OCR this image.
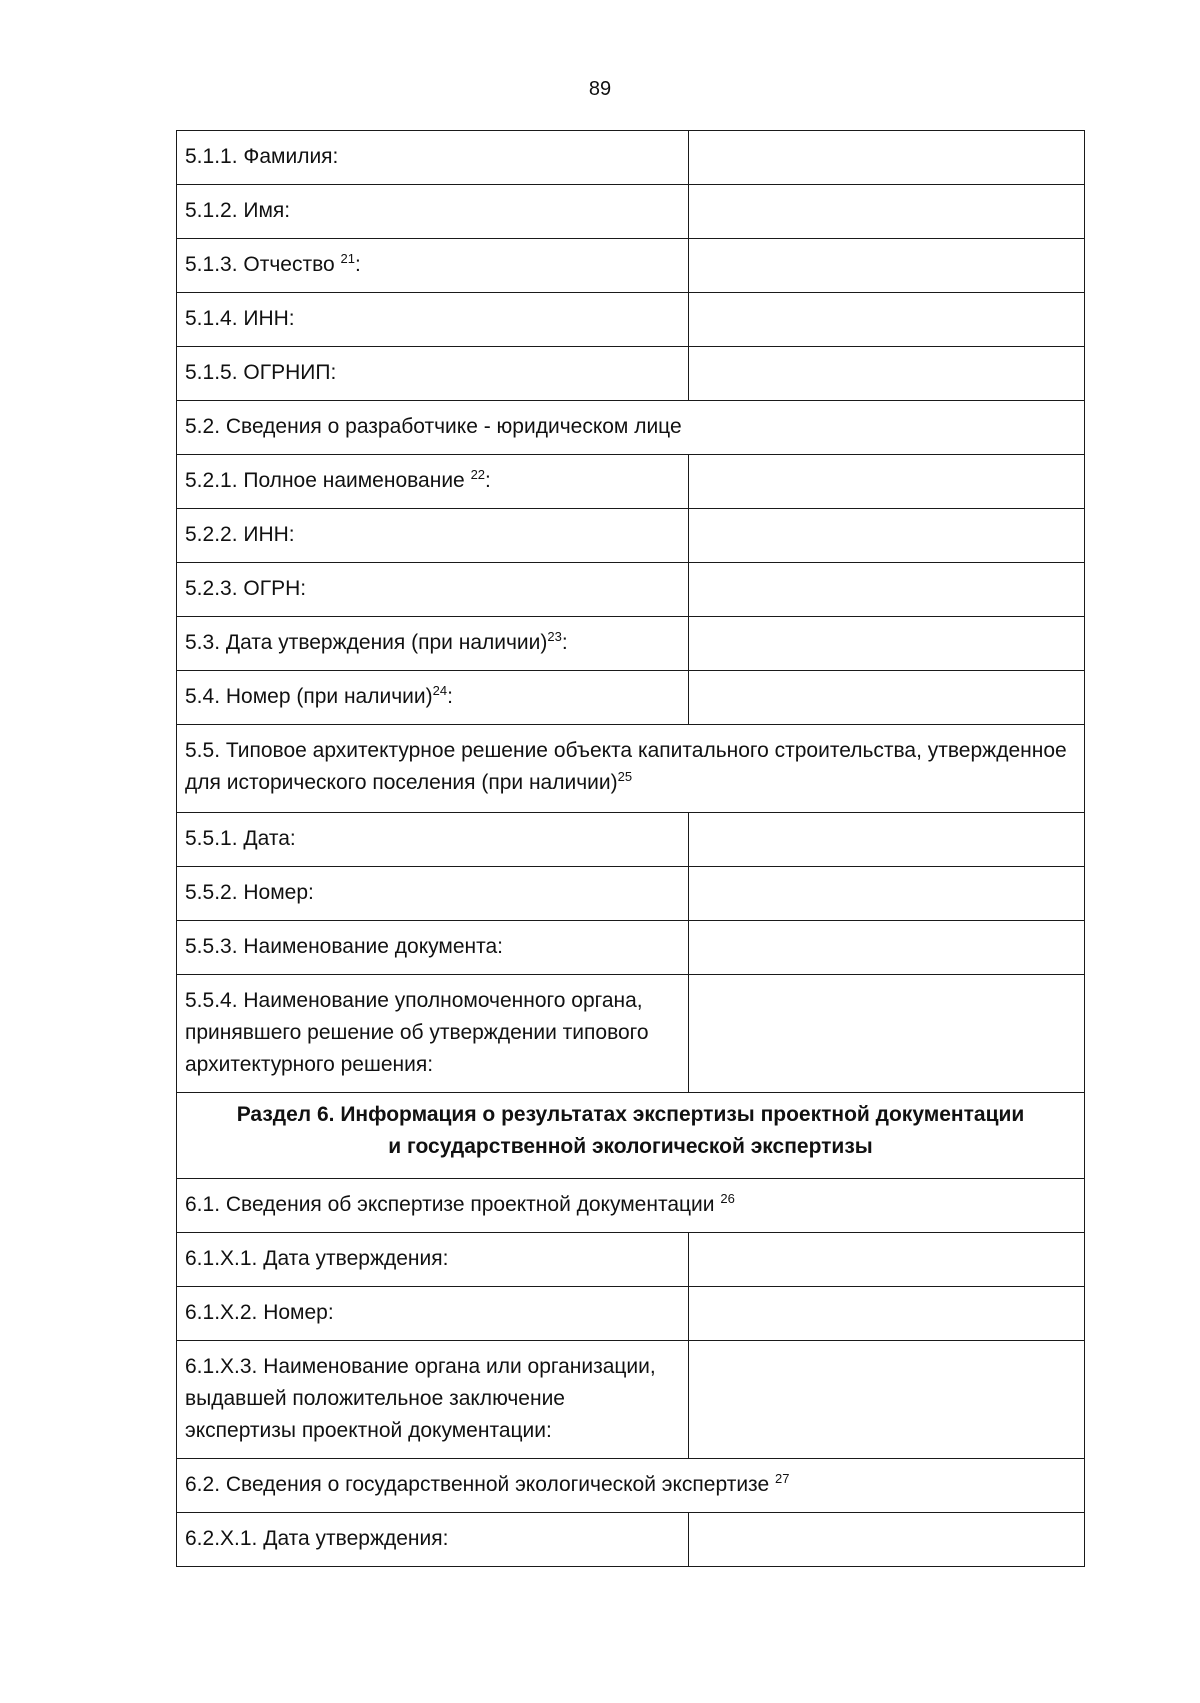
89
5.1.1. Фамилия:	
5.1.2. Имя:	
5.1.3. Отчество $^{21}$:	
5.1.4. ИНН:	
5.1.5. ОГРНИП:	
5.2. Сведения о разработчике - юридическом лице	
5.2.1. Полное наименование $^{22}$:	
5.2.2. ИНН:	
5.2.3. ОГРН:	
5.3. Дата утверждения (при наличии)$^{23}$:	
5.4. Номер (при наличии)$^{24}$:	
5.5. Типовое архитектурное решение объекта капитального строительства, утвержденное для исторического поселения (при наличии)$^{25}$
5.5.1. Дата:	
5.5.2. Номер:	
5.5.3. Наименование документа:	

5.5.4. Наименование уполномоченного органа,
принявшего решение об утверждении типового
архитектурного решения:	

Раздел 6. Информация о результатах экспертизы проектной документации
и государственной экологической экспертизы	

6.1. Сведения об экспертизе проектной документации $^{26}$
6.1.Х.1. Дата утверждения:	
6.1.Х.2. Номер:	

6.1.Х.3. Наименование органа или организации,
выдавшей положительное заключение
экспертизы проектной документации:	

6.2. Сведения о государственной экологической экспертизе $^{27}$
6.2.Х.1. Дата утверждения:	
